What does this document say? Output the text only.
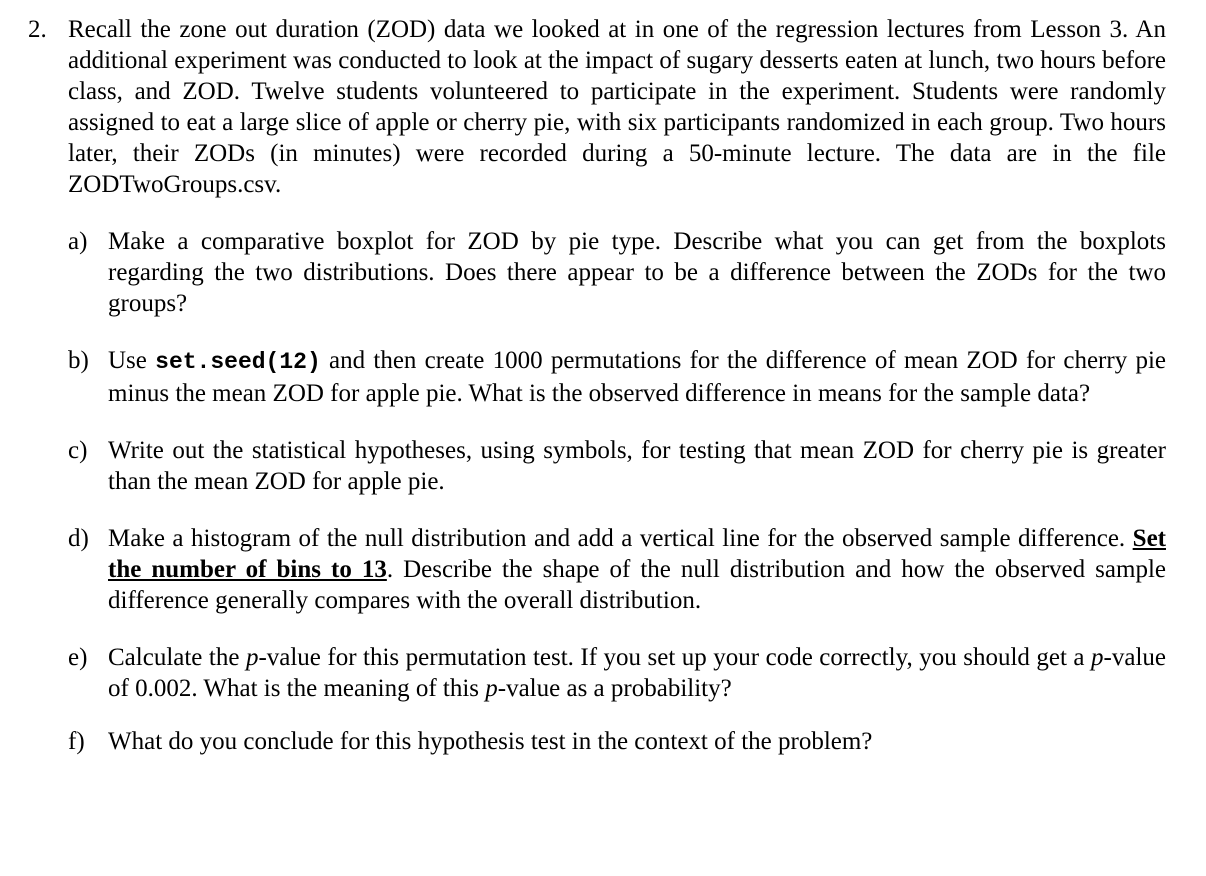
2. Recall the zone out duration (ZOD) data we looked at in one of the regression lectures from Lesson 3. An additional experiment was conducted to look at the impact of sugary desserts eaten at lunch, two hours before class, and ZOD. Twelve students volunteered to participate in the experiment. Students were randomly assigned to eat a large slice of apple or cherry pie, with six participants randomized in each group. Two hours later, their ZODs (in minutes) were recorded during a 50-minute lecture. The data are in the file ZODTwoGroups.csv.
a) Make a comparative boxplot for ZOD by pie type. Describe what you can get from the boxplots regarding the two distributions. Does there appear to be a difference between the ZODs for the two groups?
b) Use set.seed(12) and then create 1000 permutations for the difference of mean ZOD for cherry pie minus the mean ZOD for apple pie. What is the observed difference in means for the sample data?
c) Write out the statistical hypotheses, using symbols, for testing that mean ZOD for cherry pie is greater than the mean ZOD for apple pie.
d) Make a histogram of the null distribution and add a vertical line for the observed sample difference. Set the number of bins to 13. Describe the shape of the null distribution and how the observed sample difference generally compares with the overall distribution.
e) Calculate the p-value for this permutation test. If you set up your code correctly, you should get a p-value of 0.002. What is the meaning of this p-value as a probability?
f) What do you conclude for this hypothesis test in the context of the problem?
